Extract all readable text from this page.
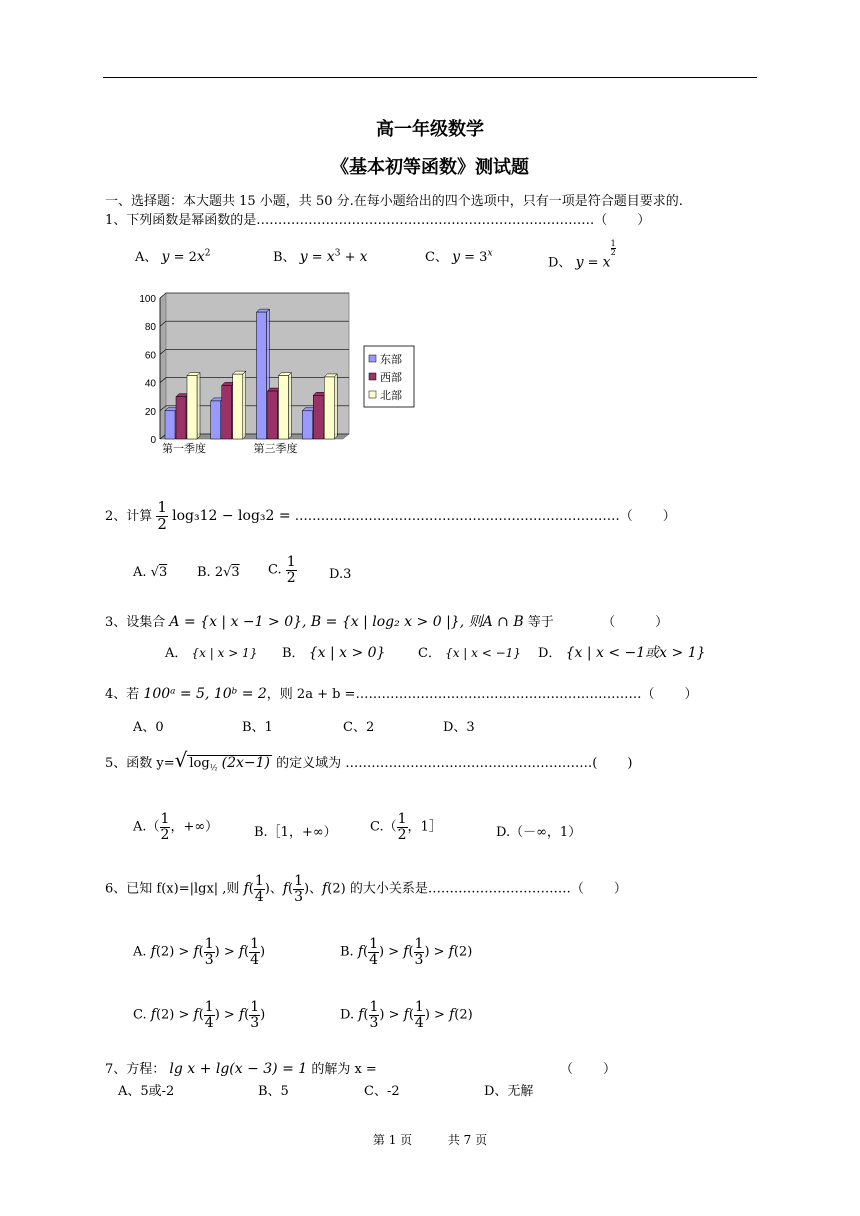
高一年级数学
《基本初等函数》测试题
一、选择题：本大题共 15 小题，共 50 分.在每小题给出的四个选项中，只有一项是符合题目要求的.
1、下列函数是幂函数的是……………………………………………………………………（ ）
A、 $y = 2x^2$	B、 $y = x^3 + x$	C、 $y = 3^x$
D、 y = x
$^{\frac{1}{2}}$
0
20
40
60
80
100
第一季度	第三季度
东部
西部
北部
2、计算 $\frac{1}{2} \log_312 - \log_32$ = …………………………………………………………………（ ）
A. √3 B. 2√3 C. $\frac{1}{2} D.3$
3、设集合 A = {x | x −1 > 0}, B = {x | log₂ x > 0 |}, 则A ∩ B 等于	（	）
A． {x | x > 1} B． {x | x > 0}	C． {x | x < −1} D． {x | x < −1或x > 1}
4、若 100ᵃ = 5, 10ᵇ = 2，则 2a + b =…………………………………………………………（ ）
A、0	B、1	C、2	D、3
5、函数 y=√ $\log_{\frac{1}{2}} (2x-1)$ 的定义域为 …………………………………………………( )
$A.( \frac{1}{2}$ ，+∞）	B.［1，+∞）	$C.( \frac{1}{2}$ ，1］	D.（－∞，1）
6、已知 f(x)=|lgx| ,则 $f( \frac{1}{4}$ )、$f( \frac{1}{3}$ )、f(2) 的大小关系是……………………………（ ）
A. $f(2) > f( \frac{1}{3}$ ) > $f( \frac{1}{4}$ )	B. $f( \frac{1}{4}$ ) > $f( \frac{1}{3}$ ) > f(2)
C. $f(2) > f( \frac{1}{4}$ ) > $f( \frac{1}{3}$ )	D. $f( \frac{1}{3}$ ) > $f( \frac{1}{4}$ ) > f(2)
7、方程： lg x + lg(x − 3) = 1 的解为 x =	（ ）
A、5或-2	B、5	C、-2	D、无解
第 1 页	共 7 页
